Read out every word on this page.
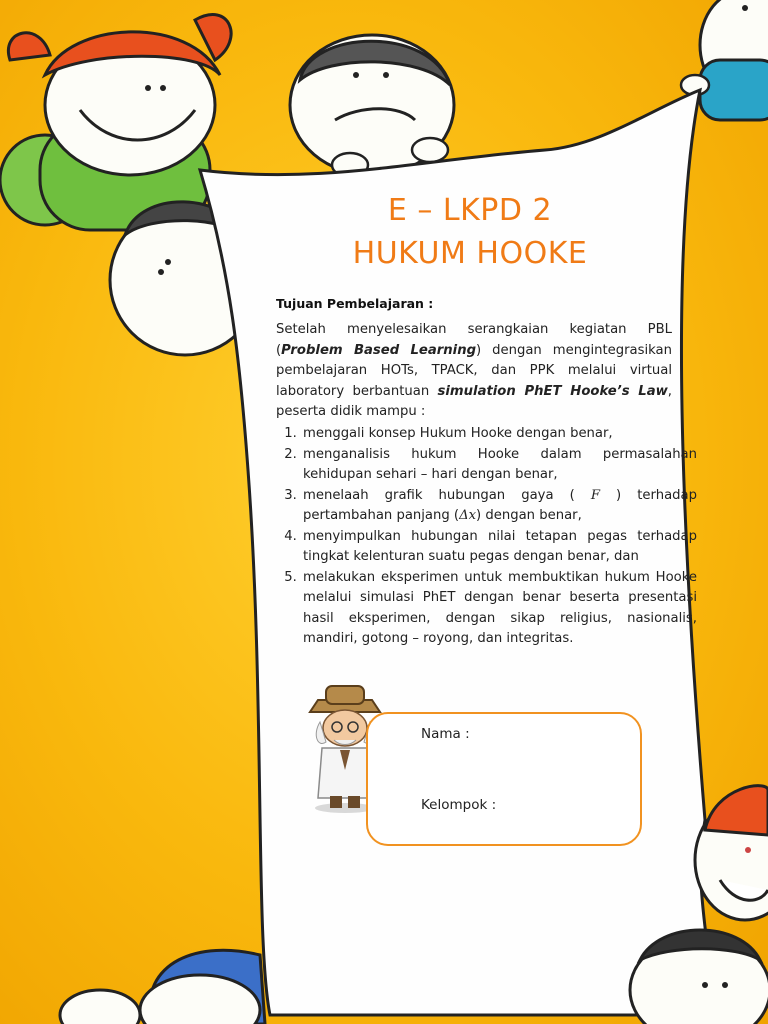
E – LKPD 2
HUKUM HOOKE
Tujuan Pembelajaran :
Setelah menyelesaikan serangkaian kegiatan PBL (Problem Based Learning) dengan mengintegrasikan pembelajaran HOTs, TPACK, dan PPK melalui virtual laboratory berbantuan simulation PhET Hooke’s Law, peserta didik mampu :
1. menggali konsep Hukum Hooke dengan benar,
2. menganalisis hukum Hooke dalam permasalahan kehidupan sehari – hari dengan benar,
3. menelaah grafik hubungan gaya ( F ) terhadap pertambahan panjang (Δx) dengan benar,
4. menyimpulkan hubungan nilai tetapan pegas terhadap tingkat kelenturan suatu pegas dengan benar, dan
5. melakukan eksperimen untuk membuktikan hukum Hooke melalui simulasi PhET dengan benar beserta presentasi hasil eksperimen, dengan sikap religius, nasionalis, mandiri, gotong – royong, dan integritas.
Nama :
Kelompok :
